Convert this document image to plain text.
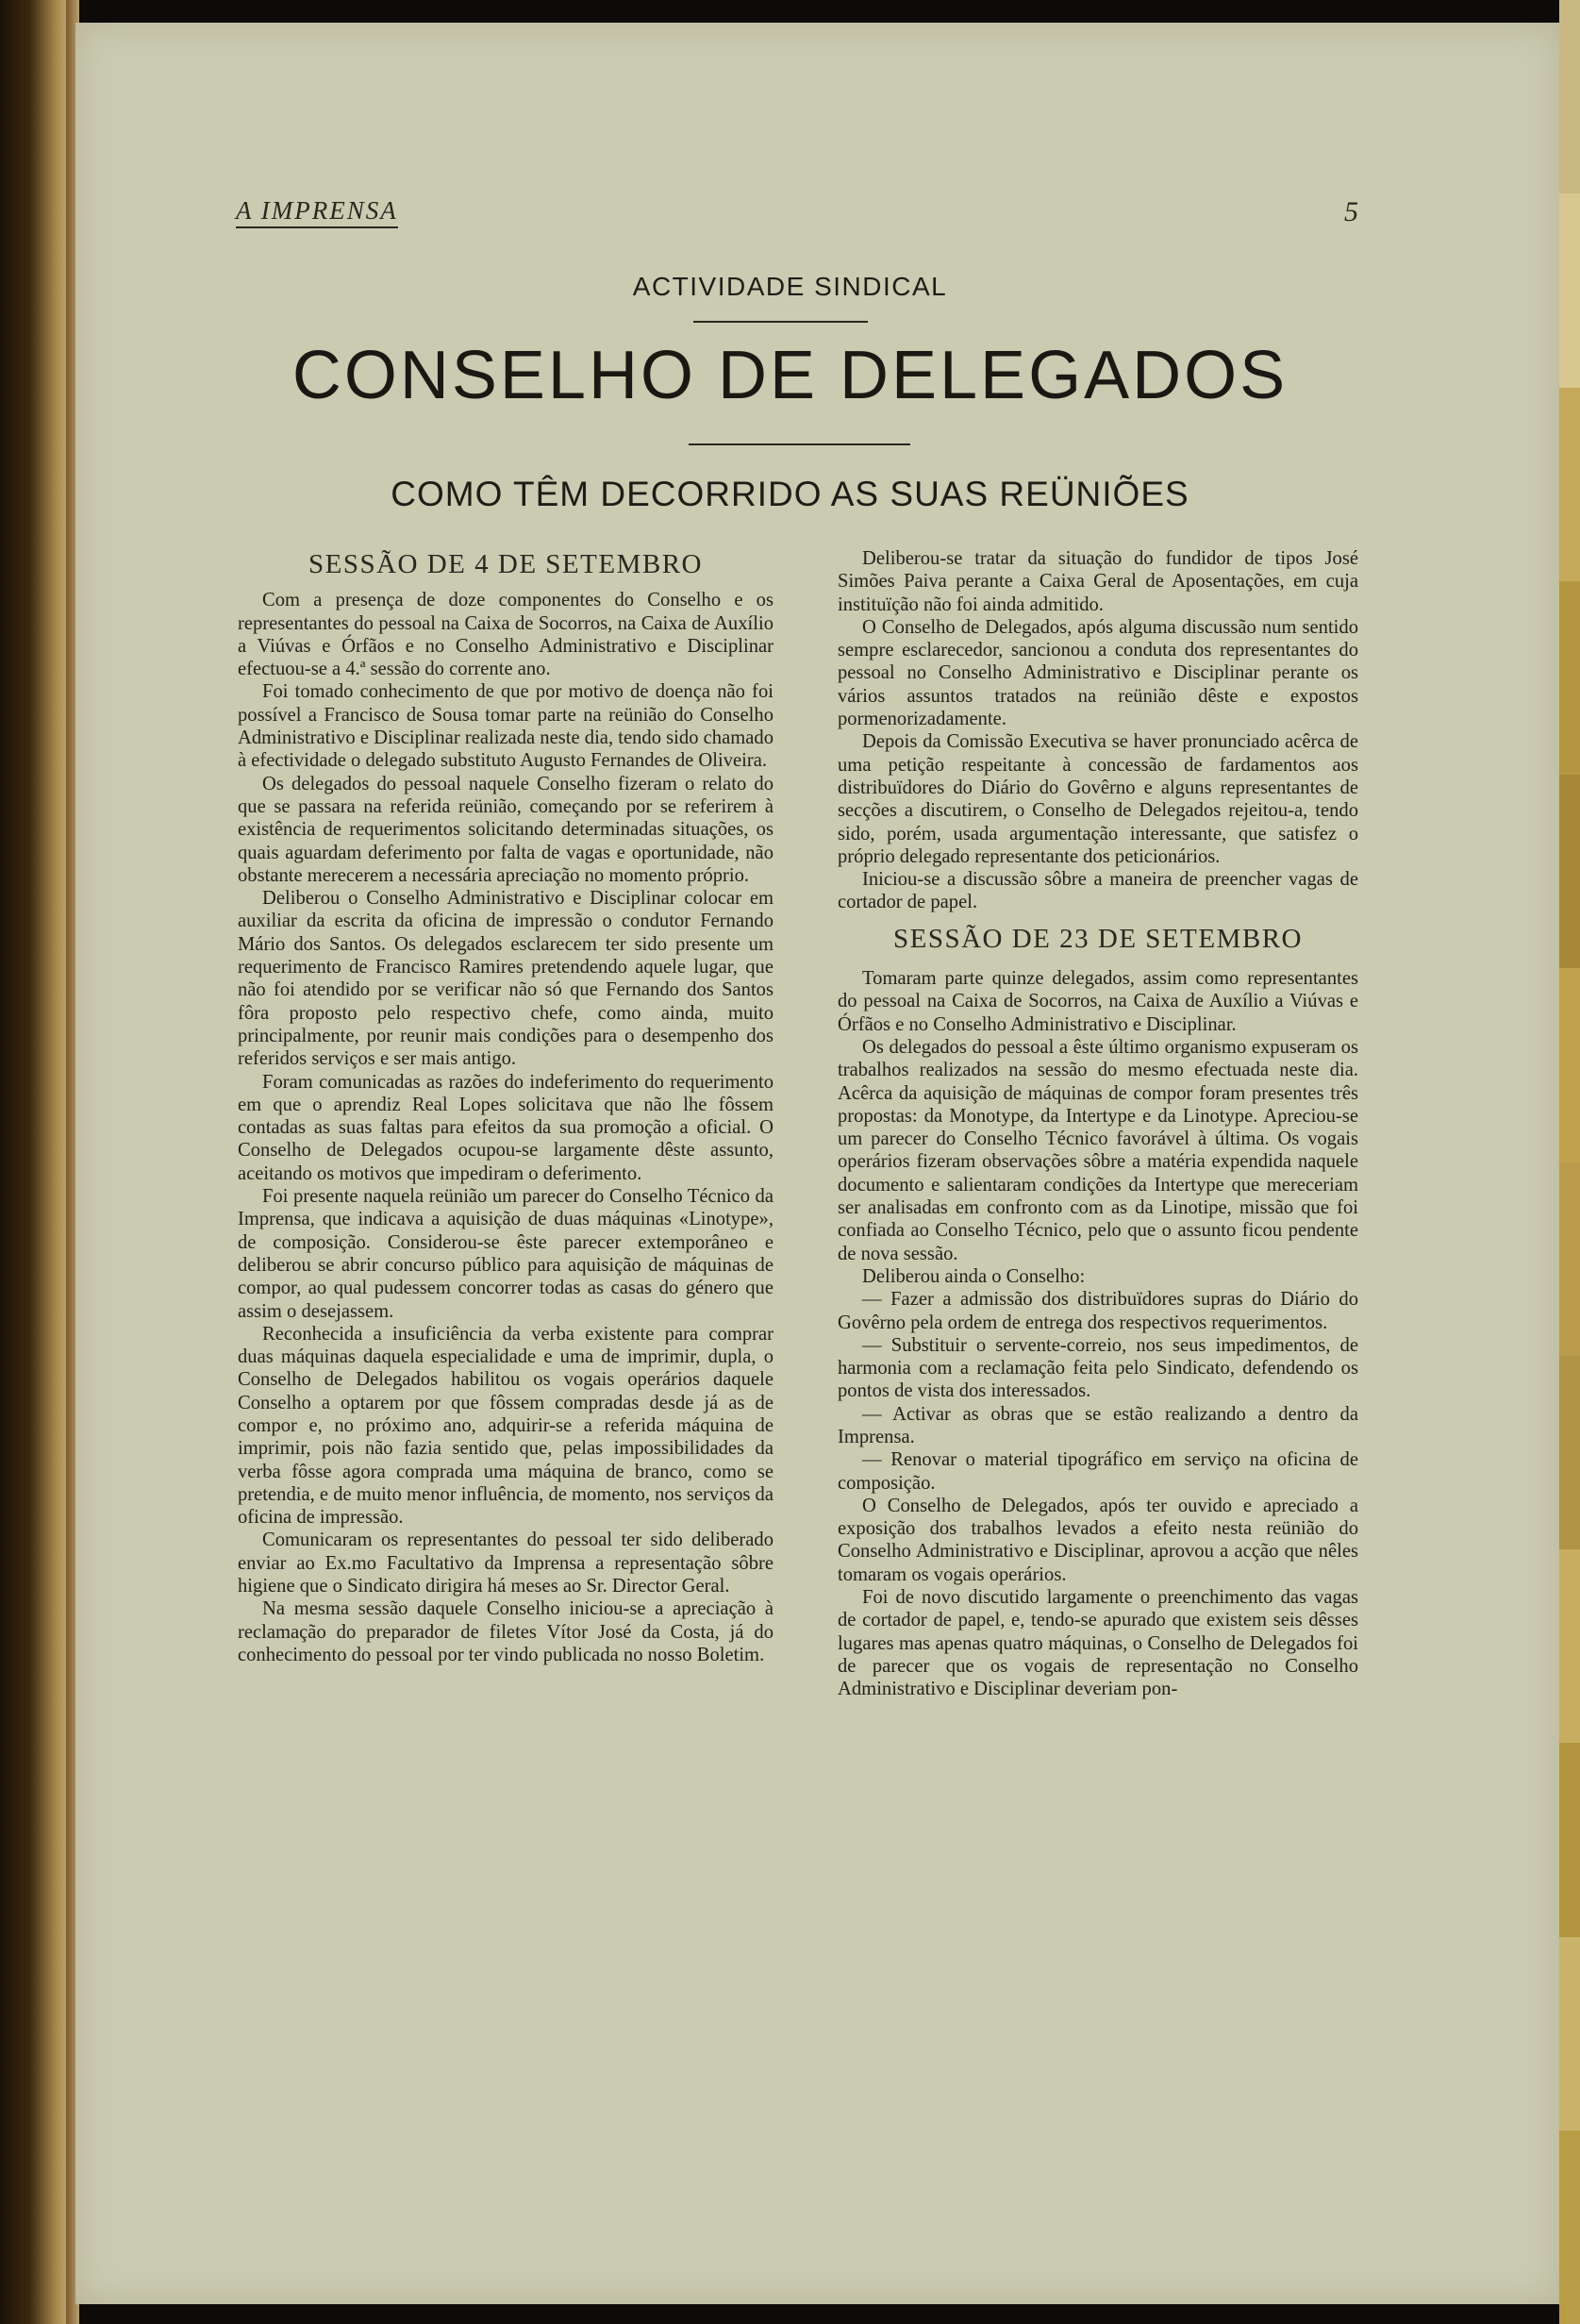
A IMPRENSA	5
ACTIVIDADE SINDICAL
CONSELHO DE DELEGADOS
COMO TÊM DECORRIDO AS SUAS REÜNIÕES
SESSÃO DE 4 DE SETEMBRO

Com a presença de doze componentes do Conselho e os representantes do pessoal na Caixa de Socorros, na Caixa de Auxílio a Viúvas e Órfãos e no Conselho Administrativo e Disciplinar efectuou-se a 4.ª sessão do corrente ano.

Foi tomado conhecimento de que por motivo de doença não foi possível a Francisco de Sousa tomar parte na reünião do Conselho Administrativo e Disciplinar realizada neste dia, tendo sido chamado à efectividade o delegado substituto Augusto Fernandes de Oliveira.

Os delegados do pessoal naquele Conselho fizeram o relato do que se passara na referida reünião, começando por se referirem à existência de requerimentos solicitando determinadas situações, os quais aguardam deferimento por falta de vagas e oportunidade, não obstante merecerem a necessária apreciação no momento próprio.

Deliberou o Conselho Administrativo e Disciplinar colocar em auxiliar da escrita da oficina de impressão o condutor Fernando Mário dos Santos. Os delegados esclarecem ter sido presente um requerimento de Francisco Ramires pretendendo aquele lugar, que não foi atendido por se verificar não só que Fernando dos Santos fôra proposto pelo respectivo chefe, como ainda, muito principalmente, por reunir mais condições para o desempenho dos referidos serviços e ser mais antigo.

Foram comunicadas as razões do indeferimento do requerimento em que o aprendiz Real Lopes solicitava que não lhe fôssem contadas as suas faltas para efeitos da sua promoção a oficial. O Conselho de Delegados ocupou-se largamente dêste assunto, aceitando os motivos que impediram o deferimento.

Foi presente naquela reünião um parecer do Conselho Técnico da Imprensa, que indicava a aquisição de duas máquinas «Linotype», de composição. Considerou-se êste parecer extemporâneo e deliberou se abrir concurso público para aquisição de máquinas de compor, ao qual pudessem concorrer todas as casas do género que assim o desejassem.

Reconhecida a insuficiência da verba existente para comprar duas máquinas daquela especialidade e uma de imprimir, dupla, o Conselho de Delegados habilitou os vogais operários daquele Conselho a optarem por que fôssem compradas desde já as de compor e, no próximo ano, adquirir-se a referida máquina de imprimir, pois não fazia sentido que, pelas impossibilidades da verba fôsse agora comprada uma máquina de branco, como se pretendia, e de muito menor influência, de momento, nos serviços da oficina de impressão.

Comunicaram os representantes do pessoal ter sido deliberado enviar ao Ex.mo Facultativo da Imprensa a representação sôbre higiene que o Sindicato dirigira há meses ao Sr. Director Geral.

Na mesma sessão daquele Conselho iniciou-se a apreciação à reclamação do preparador de filetes Vítor José da Costa, já do conhecimento do pessoal por ter vindo publicada no nosso Boletim.

Deliberou-se tratar da situação do fundidor de tipos José Simões Paiva perante a Caixa Geral de Aposentações, em cuja instituïção não foi ainda admitido.

O Conselho de Delegados, após alguma discussão num sentido sempre esclarecedor, sancionou a conduta dos representantes do pessoal no Conselho Administrativo e Disciplinar perante os vários assuntos tratados na reünião dêste e expostos pormenorizadamente.

Depois da Comissão Executiva se haver pronunciado acêrca de uma petição respeitante à concessão de fardamentos aos distribuïdores do Diário do Govêrno e alguns representantes de secções a discutirem, o Conselho de Delegados rejeitou-a, tendo sido, porém, usada argumentação interessante, que satisfez o próprio delegado representante dos peticionários.

Iniciou-se a discussão sôbre a maneira de preencher vagas de cortador de papel.

SESSÃO DE 23 DE SETEMBRO

Tomaram parte quinze delegados, assim como representantes do pessoal na Caixa de Socorros, na Caixa de Auxílio a Viúvas e Órfãos e no Conselho Administrativo e Disciplinar.

Os delegados do pessoal a êste último organismo expuseram os trabalhos realizados na sessão do mesmo efectuada neste dia. Acêrca da aquisição de máquinas de compor foram presentes três propostas: da Monotype, da Intertype e da Linotype. Apreciou-se um parecer do Conselho Técnico favorável à última. Os vogais operários fizeram observações sôbre a matéria expendida naquele documento e salientaram condições da Intertype que mereceriam ser analisadas em confronto com as da Linotipe, missão que foi confiada ao Conselho Técnico, pelo que o assunto ficou pendente de nova sessão.

Deliberou ainda o Conselho:

— Fazer a admissão dos distribuïdores supras do Diário do Govêrno pela ordem de entrega dos respectivos requerimentos.

— Substituir o servente-correio, nos seus impedimentos, de harmonia com a reclamação feita pelo Sindicato, defendendo os pontos de vista dos interessados.

— Activar as obras que se estão realizando a dentro da Imprensa.

— Renovar o material tipográfico em serviço na oficina de composição.

O Conselho de Delegados, após ter ouvido e apreciado a exposição dos trabalhos levados a efeito nesta reünião do Conselho Administrativo e Disciplinar, aprovou a acção que nêles tomaram os vogais operários.

Foi de novo discutido largamente o preenchimento das vagas de cortador de papel, e, tendo-se apurado que existem seis dêsses lugares mas apenas quatro máquinas, o Conselho de Delegados foi de parecer que os vogais de representação no Conselho Administrativo e Disciplinar deveriam pon-
